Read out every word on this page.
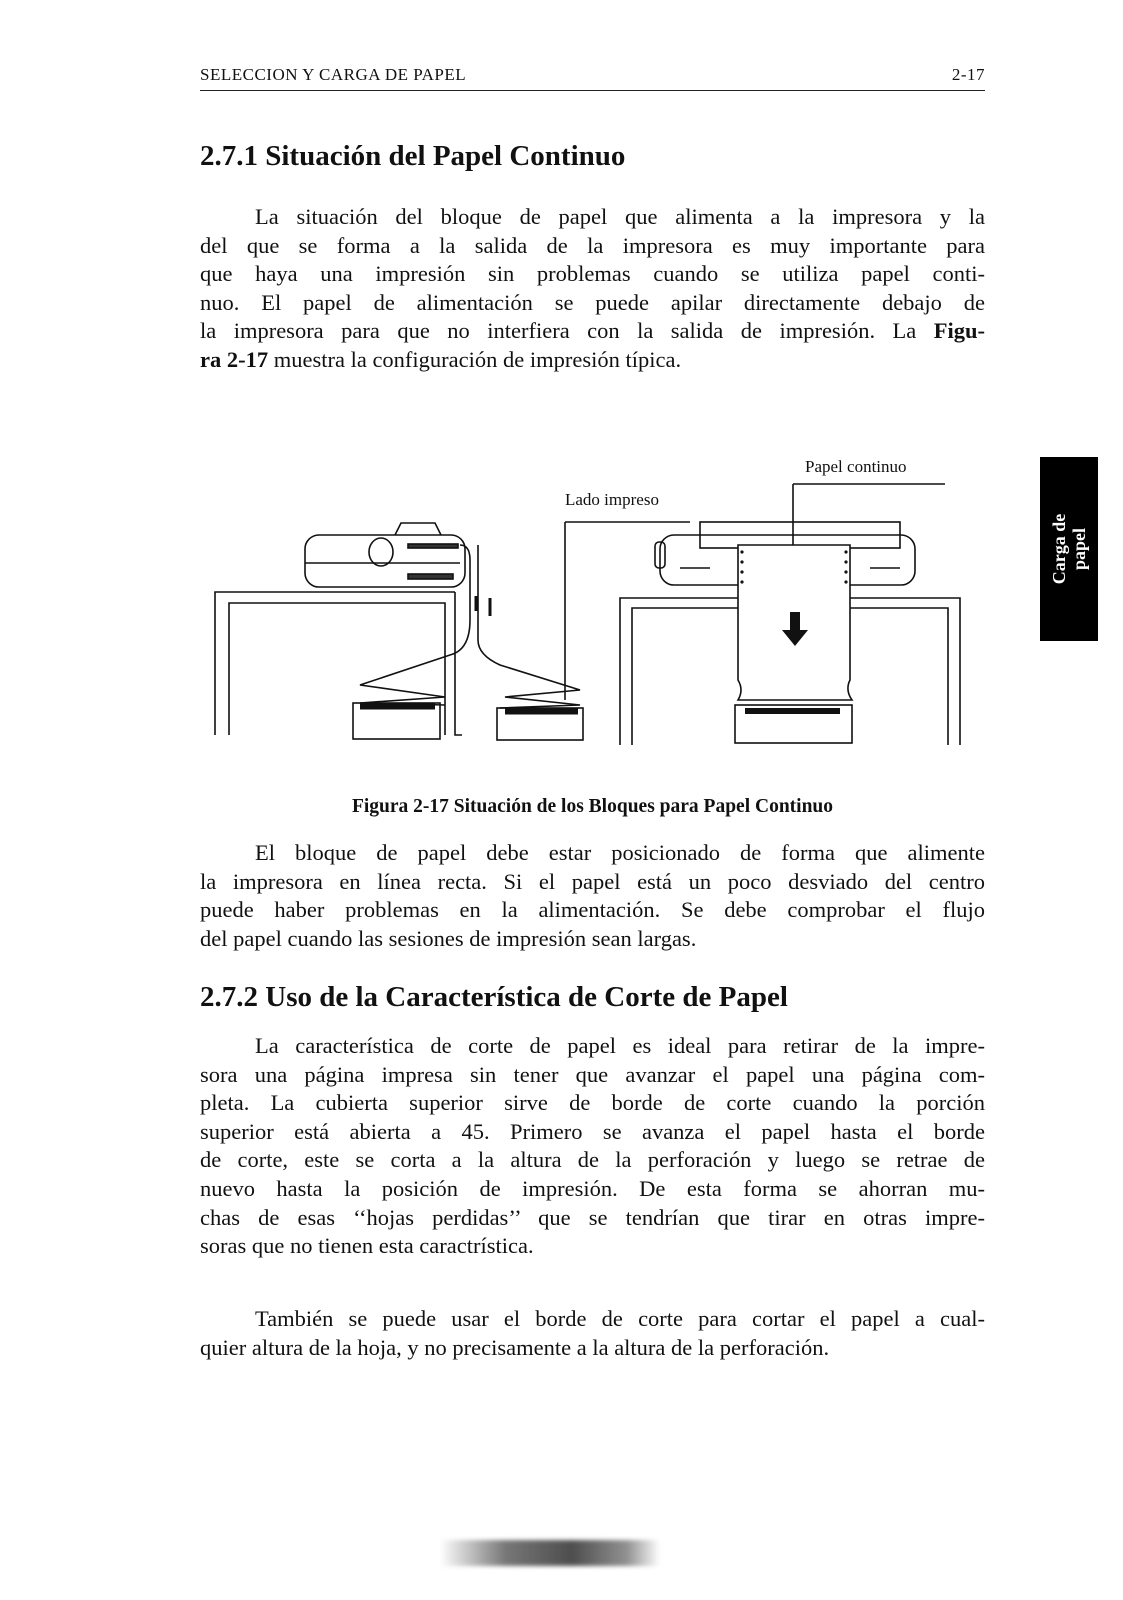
SELECCION Y CARGA DE PAPEL	2-17
2.7.1 Situación del Papel Continuo
La situación del bloque de papel que alimenta a la impresora y la
del que se forma a la salida de la impresora es muy importante para
que haya una impresión sin problemas cuando se utiliza papel conti-
nuo. El papel de alimentación se puede apilar directamente debajo de
la impresora para que no interfiera con la salida de impresión. La Figu-
ra 2-17 muestra la configuración de impresión típica.
Papel continuo
Lado impreso
Figura 2-17 Situación de los Bloques para Papel Continuo
El bloque de papel debe estar posicionado de forma que alimente
la impresora en línea recta. Si el papel está un poco desviado del centro
puede haber problemas en la alimentación. Se debe comprobar el flujo
del papel cuando las sesiones de impresión sean largas.
2.7.2 Uso de la Característica de Corte de Papel
La característica de corte de papel es ideal para retirar de la impre-
sora una página impresa sin tener que avanzar el papel una página com-
pleta. La cubierta superior sirve de borde de corte cuando la porción
superior está abierta a 45. Primero se avanza el papel hasta el borde
de corte, este se corta a la altura de la perforación y luego se retrae de
nuevo hasta la posición de impresión. De esta forma se ahorran mu-
chas de esas ‘‘hojas perdidas’’ que se tendrían que tirar en otras impre-
soras que no tienen esta caractrística.
También se puede usar el borde de corte para cortar el papel a cual-
quier altura de la hoja, y no precisamente a la altura de la perforación.
Carga de
papel
